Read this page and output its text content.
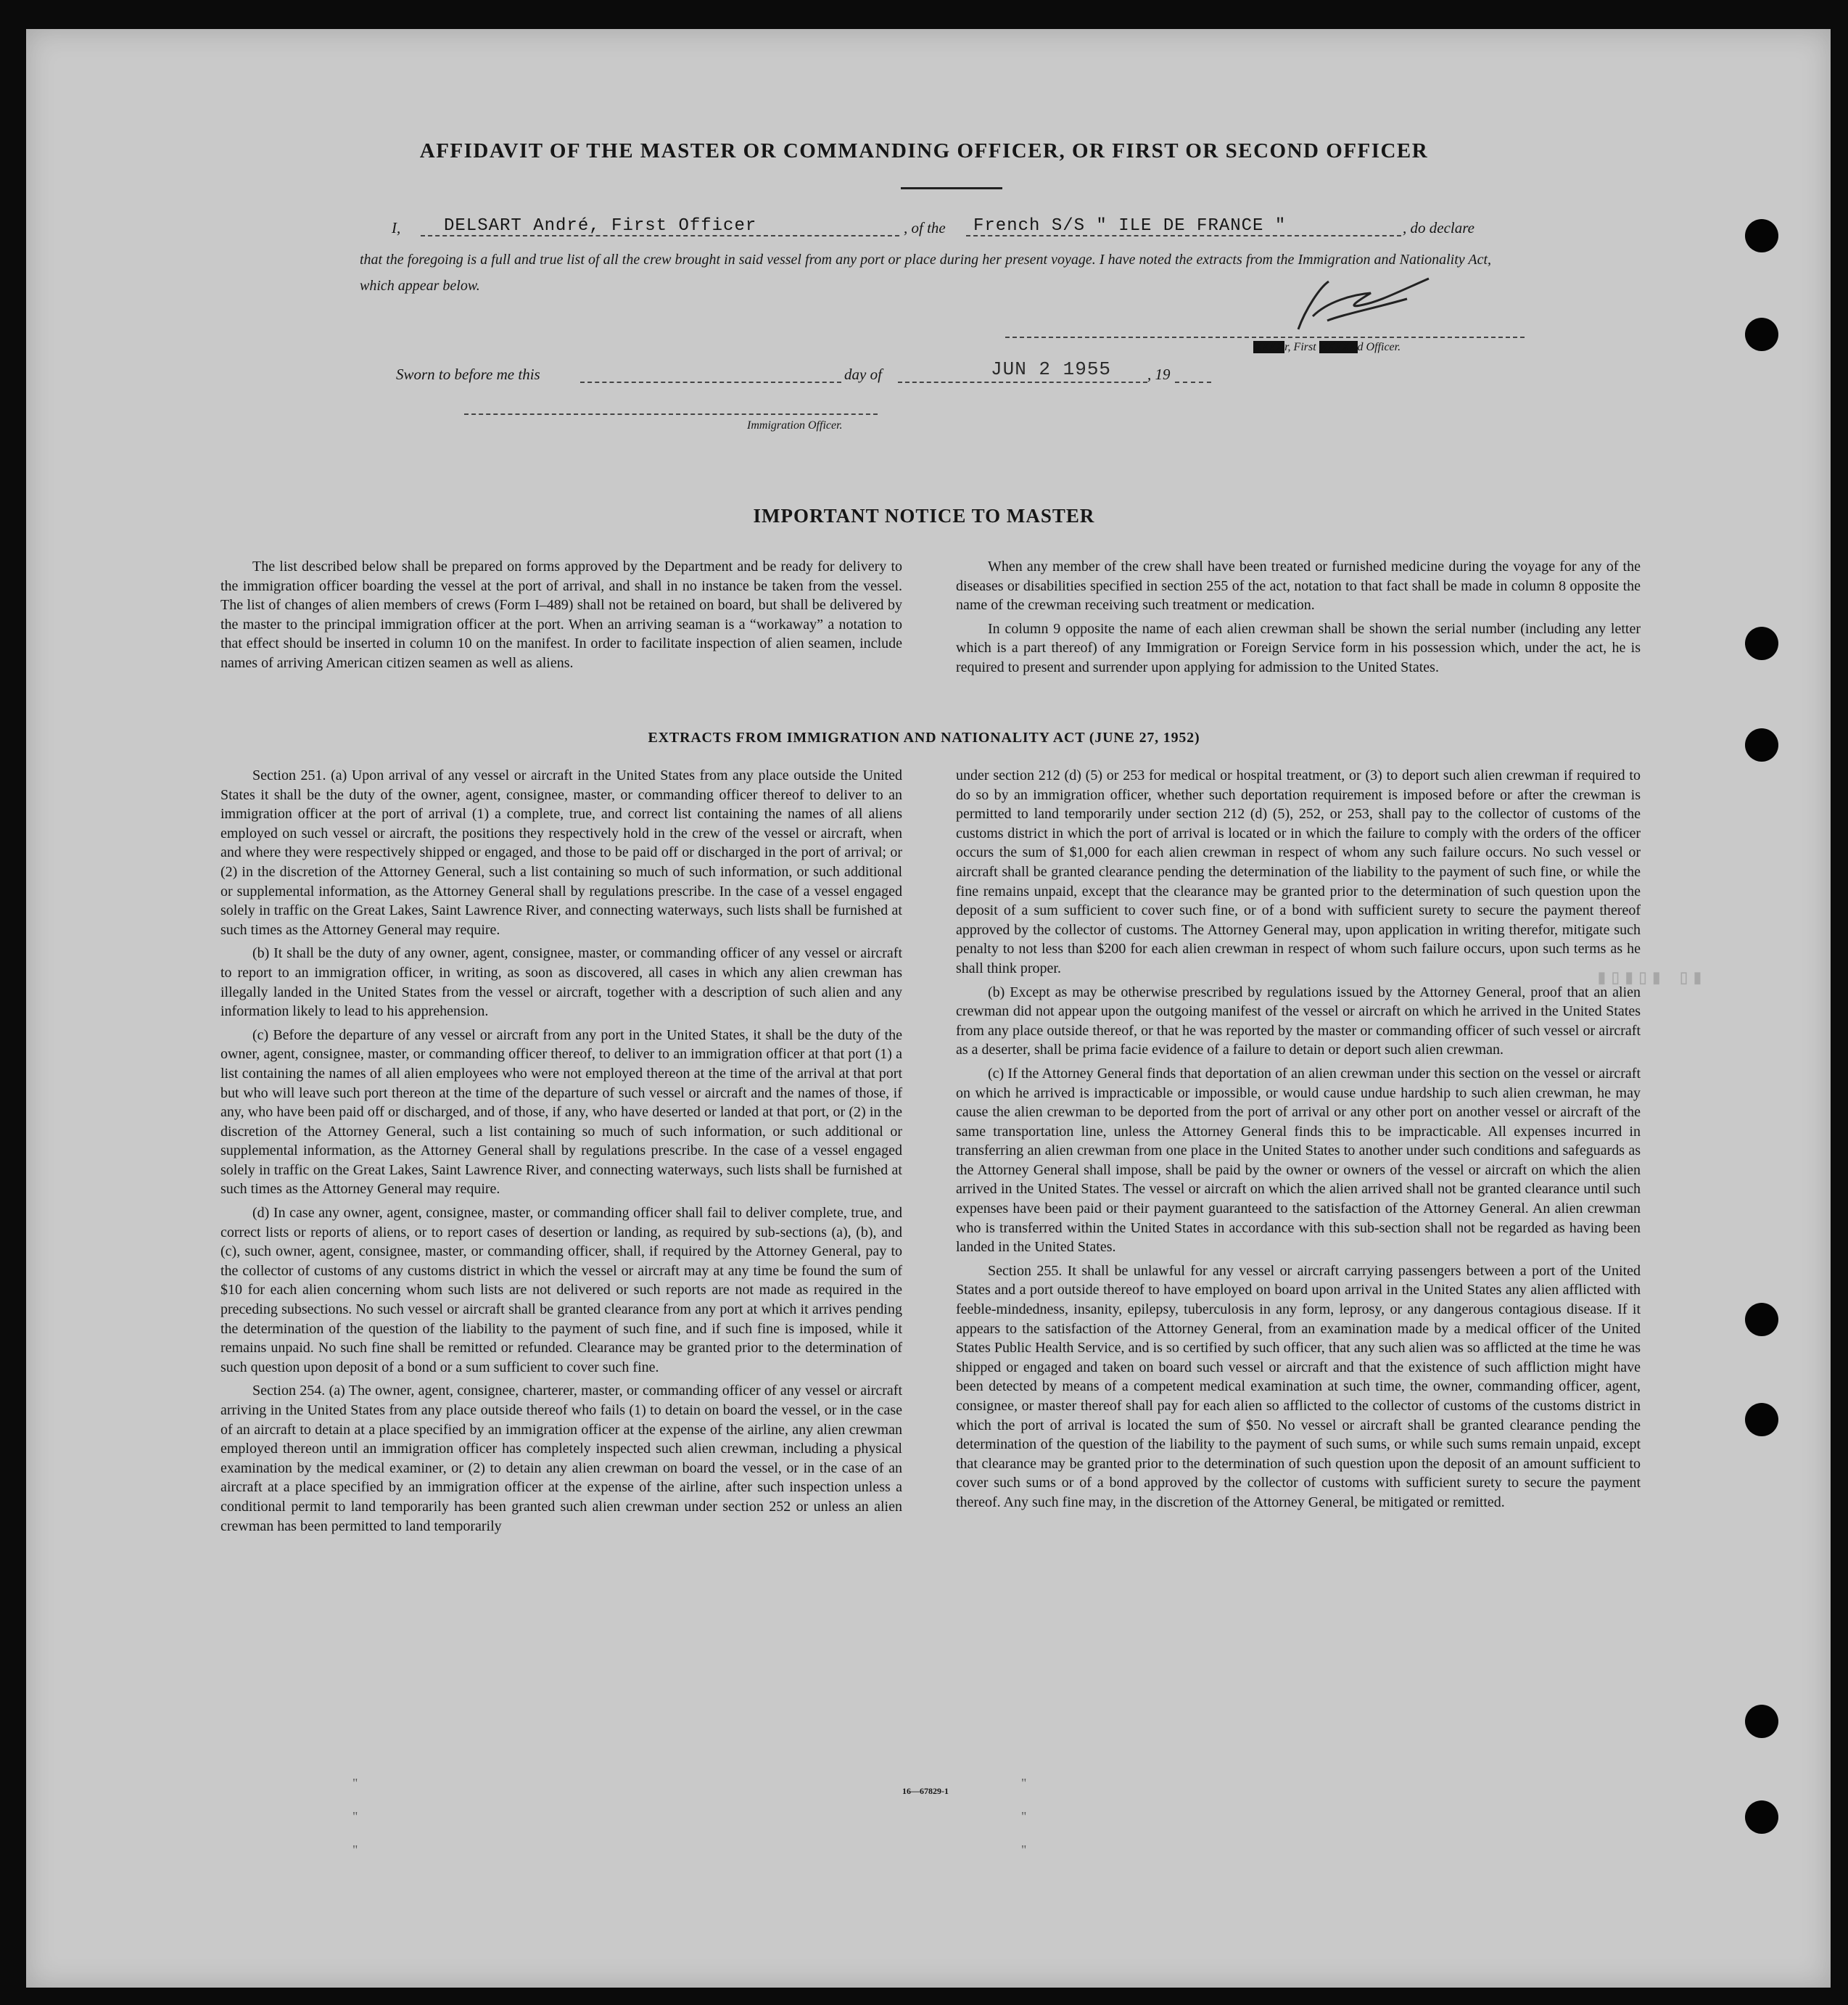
▮▯▮▯▮ ▯▮
AFFIDAVIT OF THE MASTER OR COMMANDING OFFICER, OR FIRST OR SECOND OFFICER
I, DELSART André, First Officer	, of the French S/S " ILE DE FRANCE "	, do declare
that the foregoing is a full and true list of all the crew brought in said vessel from any port or place during her present voyage. I have noted the extracts from the Immigration and Nationality Act, which appear below.
XXXX r, First XXXXX d Officer.
Sworn to before me this	day of	JUN 2 1955 , 19
Immigration Officer.
IMPORTANT NOTICE TO MASTER

The list described below shall be prepared on forms approved by the Department and be ready for delivery to the immigration officer boarding the vessel at the port of arrival, and shall in no instance be taken from the vessel. The list of changes of alien members of crews (Form I–489) shall not be retained on board, but shall be delivered by the master to the principal immigration officer at the port. When an arriving seaman is a “workaway” a notation to that effect should be inserted in column 10 on the manifest. In order to facilitate inspection of alien seamen, include names of arriving American citizen seamen as well as aliens.

When any member of the crew shall have been treated or furnished medicine during the voyage for any of the diseases or disabilities specified in section 255 of the act, notation to that fact shall be made in column 8 opposite the name of the crewman receiving such treatment or medication.

In column 9 opposite the name of each alien crewman shall be shown the serial number (including any letter which is a part thereof) of any Immigration or Foreign Service form in his possession which, under the act, he is required to present and surrender upon applying for admission to the United States.

EXTRACTS FROM IMMIGRATION AND NATIONALITY ACT (JUNE 27, 1952)

Section 251. (a) Upon arrival of any vessel or aircraft in the United States from any place outside the United States it shall be the duty of the owner, agent, consignee, master, or commanding officer thereof to deliver to an immigration officer at the port of arrival (1) a complete, true, and correct list containing the names of all aliens employed on such vessel or aircraft, the positions they respectively hold in the crew of the vessel or aircraft, when and where they were respectively shipped or engaged, and those to be paid off or discharged in the port of arrival; or (2) in the discretion of the Attorney General, such a list containing so much of such information, or such additional or supplemental information, as the Attorney General shall by regulations prescribe. In the case of a vessel engaged solely in traffic on the Great Lakes, Saint Lawrence River, and connecting waterways, such lists shall be furnished at such times as the Attorney General may require.

(b) It shall be the duty of any owner, agent, consignee, master, or commanding officer of any vessel or aircraft to report to an immigration officer, in writing, as soon as discovered, all cases in which any alien crewman has illegally landed in the United States from the vessel or aircraft, together with a description of such alien and any information likely to lead to his apprehension.

(c) Before the departure of any vessel or aircraft from any port in the United States, it shall be the duty of the owner, agent, consignee, master, or commanding officer thereof, to deliver to an immigration officer at that port (1) a list containing the names of all alien employees who were not employed thereon at the time of the arrival at that port but who will leave such port thereon at the time of the departure of such vessel or aircraft and the names of those, if any, who have been paid off or discharged, and of those, if any, who have deserted or landed at that port, or (2) in the discretion of the Attorney General, such a list containing so much of such information, or such additional or supplemental information, as the Attorney General shall by regulations prescribe. In the case of a vessel engaged solely in traffic on the Great Lakes, Saint Lawrence River, and connecting waterways, such lists shall be furnished at such times as the Attorney General may require.

(d) In case any owner, agent, consignee, master, or commanding officer shall fail to deliver complete, true, and correct lists or reports of aliens, or to report cases of desertion or landing, as required by sub-sections (a), (b), and (c), such owner, agent, consignee, master, or commanding officer, shall, if required by the Attorney General, pay to the collector of customs of any customs district in which the vessel or aircraft may at any time be found the sum of $10 for each alien concerning whom such lists are not delivered or such reports are not made as required in the preceding subsections. No such vessel or aircraft shall be granted clearance from any port at which it arrives pending the determination of the question of the liability to the payment of such fine, and if such fine is imposed, while it remains unpaid. No such fine shall be remitted or refunded. Clearance may be granted prior to the determination of such question upon deposit of a bond or a sum sufficient to cover such fine.

Section 254. (a) The owner, agent, consignee, charterer, master, or commanding officer of any vessel or aircraft arriving in the United States from any place outside thereof who fails (1) to detain on board the vessel, or in the case of an aircraft to detain at a place specified by an immigration officer at the expense of the airline, any alien crewman employed thereon until an immigration officer has completely inspected such alien crewman, including a physical examination by the medical examiner, or (2) to detain any alien crewman on board the vessel, or in the case of an aircraft at a place specified by an immigration officer at the expense of the airline, after such inspection unless a conditional permit to land temporarily has been granted such alien crewman under section 252 or unless an alien crewman has been permitted to land temporarily

under section 212 (d) (5) or 253 for medical or hospital treatment, or (3) to deport such alien crewman if required to do so by an immigration officer, whether such deportation requirement is imposed before or after the crewman is permitted to land temporarily under section 212 (d) (5), 252, or 253, shall pay to the collector of customs of the customs district in which the port of arrival is located or in which the failure to comply with the orders of the officer occurs the sum of $1,000 for each alien crewman in respect of whom any such failure occurs. No such vessel or aircraft shall be granted clearance pending the determination of the liability to the payment of such fine, or while the fine remains unpaid, except that the clearance may be granted prior to the determination of such question upon the deposit of a sum sufficient to cover such fine, or of a bond with sufficient surety to secure the payment thereof approved by the collector of customs. The Attorney General may, upon application in writing therefor, mitigate such penalty to not less than $200 for each alien crewman in respect of whom such failure occurs, upon such terms as he shall think proper.

(b) Except as may be otherwise prescribed by regulations issued by the Attorney General, proof that an alien crewman did not appear upon the outgoing manifest of the vessel or aircraft on which he arrived in the United States from any place outside thereof, or that he was reported by the master or commanding officer of such vessel or aircraft as a deserter, shall be prima facie evidence of a failure to detain or deport such alien crewman.

(c) If the Attorney General finds that deportation of an alien crewman under this section on the vessel or aircraft on which he arrived is impracticable or impossible, or would cause undue hardship to such alien crewman, he may cause the alien crewman to be deported from the port of arrival or any other port on another vessel or aircraft of the same transportation line, unless the Attorney General finds this to be impracticable. All expenses incurred in transferring an alien crewman from one place in the United States to another under such conditions and safeguards as the Attorney General shall impose, shall be paid by the owner or owners of the vessel or aircraft on which the alien arrived in the United States. The vessel or aircraft on which the alien arrived shall not be granted clearance until such expenses have been paid or their payment guaranteed to the satisfaction of the Attorney General. An alien crewman who is transferred within the United States in accordance with this sub-section shall not be regarded as having been landed in the United States.

Section 255. It shall be unlawful for any vessel or aircraft carrying passengers between a port of the United States and a port outside thereof to have employed on board upon arrival in the United States any alien afflicted with feeble-mindedness, insanity, epilepsy, tuberculosis in any form, leprosy, or any dangerous contagious disease. If it appears to the satisfaction of the Attorney General, from an examination made by a medical officer of the United States Public Health Service, and is so certified by such officer, that any such alien was so afflicted at the time he was shipped or engaged and taken on board such vessel or aircraft and that the existence of such affliction might have been detected by means of a competent medical examination at such time, the owner, commanding officer, agent, consignee, or master thereof shall pay for each alien so afflicted to the collector of customs of the customs district in which the port of arrival is located the sum of $50. No vessel or aircraft shall be granted clearance pending the determination of the question of the liability to the payment of such sums, or while such sums remain unpaid, except that clearance may be granted prior to the determination of such question upon the deposit of an amount sufficient to cover such sums or of a bond approved by the collector of customs with sufficient surety to secure the payment thereof. Any such fine may, in the discretion of the Attorney General, be mitigated or remitted.

16—67829-1
"
"
"
"
"	"
